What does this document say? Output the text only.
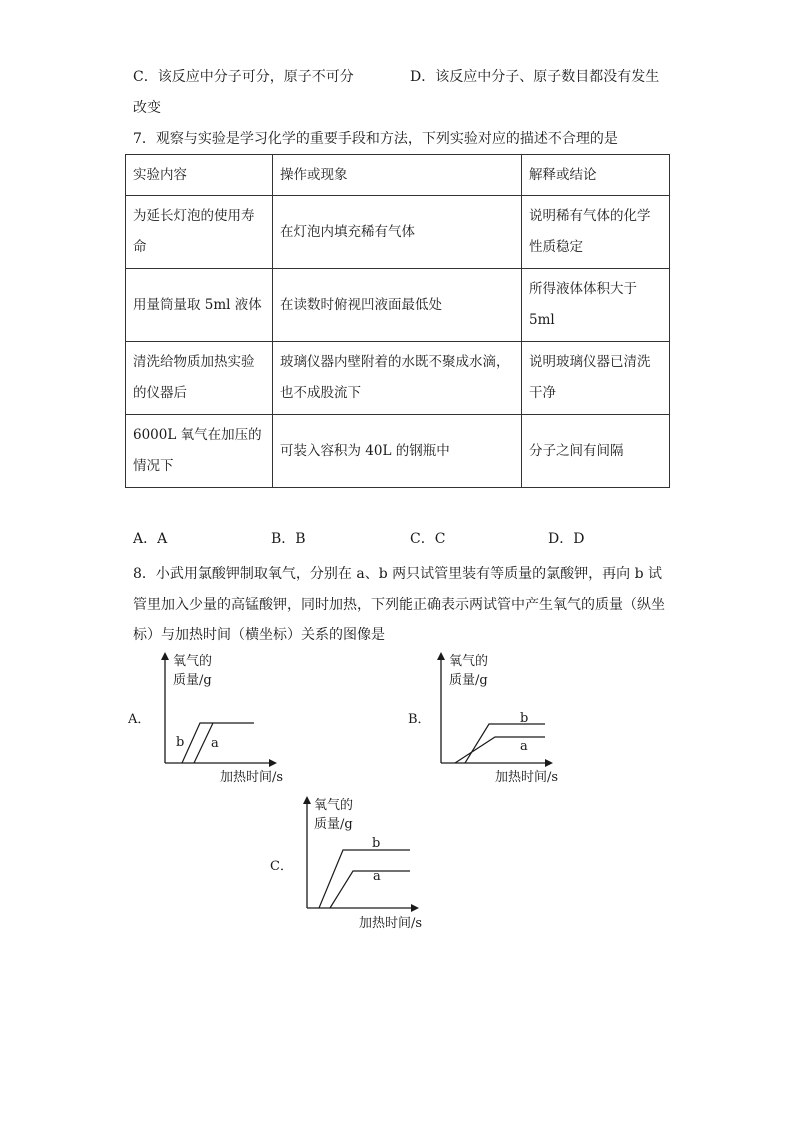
C．该反应中分子可分，原子不可分	D．该反应中分子、原子数目都没有发生
改变
7．观察与实验是学习化学的重要手段和方法，下列实验对应的描述不合理的是
实验内容	操作或现象	解释或结论
为延长灯泡的使用寿命	在灯泡内填充稀有气体	说明稀有气体的化学性质稳定
用量筒量取 5ml 液体	在读数时俯视凹液面最低处	所得液体体积大于5ml
清洗给物质加热实验的仪器后	玻璃仪器内壁附着的水既不聚成水滴，也不成股流下	说明玻璃仪器已清洗干净
6000L 氧气在加压的情况下	可装入容积为 40L 的钢瓶中	分子之间有间隔
A．A	B．B	C．C	D．D
8．小武用氯酸钾制取氧气，分别在 a、b 两只试管里装有等质量的氯酸钾，再向 b 试
管里加入少量的高锰酸钾，同时加热，下列能正确表示两试管中产生氧气的质量（纵坐
标）与加热时间（横坐标）关系的图像是
A．
氧气的
质量/g
加热时间/s
b a
B．
氧气的
质量/g
加热时间/s
b
a
C．
氧气的
质量/g
加热时间/s
b
a
